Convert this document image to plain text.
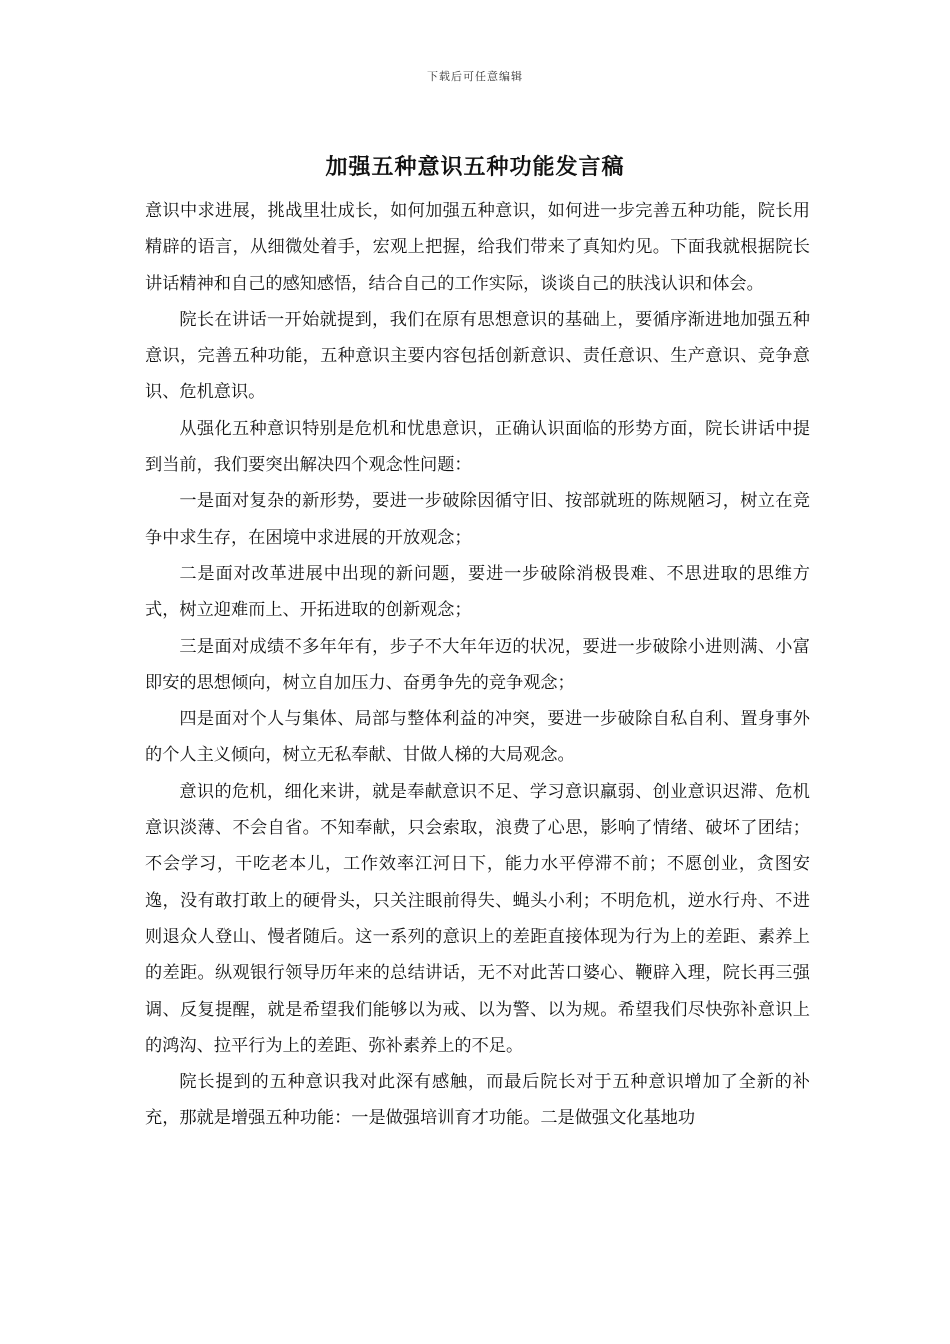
下载后可任意编辑
加强五种意识五种功能发言稿

意识中求进展，挑战里壮成长，如何加强五种意识，如何进一步完善五种功能，院长用精辟的语言，从细微处着手，宏观上把握，给我们带来了真知灼见。下面我就根据院长讲话精神和自己的感知感悟，结合自己的工作实际，谈谈自己的肤浅认识和体会。

院长在讲话一开始就提到，我们在原有思想意识的基础上，要循序渐进地加强五种意识，完善五种功能，五种意识主要内容包括创新意识、责任意识、生产意识、竞争意识、危机意识。

从强化五种意识特别是危机和忧患意识，正确认识面临的形势方面，院长讲话中提到当前，我们要突出解决四个观念性问题：

一是面对复杂的新形势，要进一步破除因循守旧、按部就班的陈规陋习，树立在竞争中求生存，在困境中求进展的开放观念；

二是面对改革进展中出现的新问题，要进一步破除消极畏难、不思进取的思维方式，树立迎难而上、开拓进取的创新观念；

三是面对成绩不多年年有，步子不大年年迈的状况，要进一步破除小进则满、小富即安的思想倾向，树立自加压力、奋勇争先的竞争观念；

四是面对个人与集体、局部与整体利益的冲突，要进一步破除自私自利、置身事外的个人主义倾向，树立无私奉献、甘做人梯的大局观念。

意识的危机，细化来讲，就是奉献意识不足、学习意识羸弱、创业意识迟滞、危机意识淡薄、不会自省。不知奉献，只会索取，浪费了心思，影响了情绪、破坏了团结；不会学习，干吃老本儿，工作效率江河日下，能力水平停滞不前；不愿创业，贪图安逸，没有敢打敢上的硬骨头，只关注眼前得失、蝇头小利；不明危机，逆水行舟、不进则退众人登山、慢者随后。这一系列的意识上的差距直接体现为行为上的差距、素养上的差距。纵观银行领导历年来的总结讲话，无不对此苦口婆心、鞭辟入理，院长再三强调、反复提醒，就是希望我们能够以为戒、以为警、以为规。希望我们尽快弥补意识上的鸿沟、拉平行为上的差距、弥补素养上的不足。

院长提到的五种意识我对此深有感触，而最后院长对于五种意识增加了全新的补充，那就是增强五种功能：一是做强培训育才功能。二是做强文化基地功
